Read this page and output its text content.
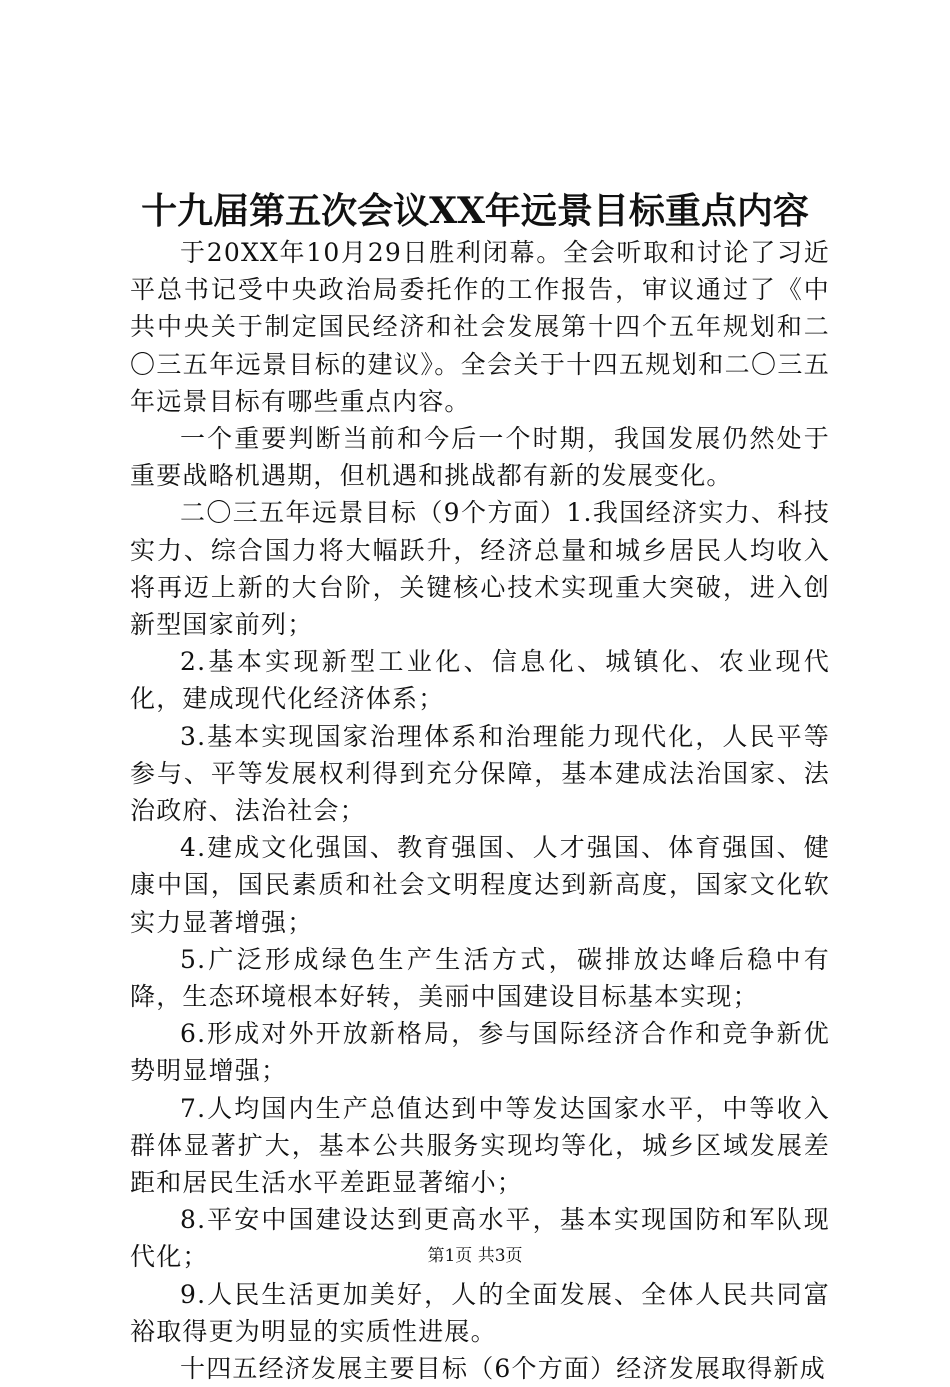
十九届第五次会议XX年远景目标重点内容

于20XX年10月29日胜利闭幕。全会听取和讨论了习近平总书记受中央政治局委托作的工作报告，审议通过了《中共中央关于制定国民经济和社会发展第十四个五年规划和二〇三五年远景目标的建议》。全会关于十四五规划和二〇三五年远景目标有哪些重点内容。

一个重要判断当前和今后一个时期，我国发展仍然处于重要战略机遇期，但机遇和挑战都有新的发展变化。

二〇三五年远景目标（9个方面）1.我国经济实力、科技实力、综合国力将大幅跃升，经济总量和城乡居民人均收入将再迈上新的大台阶，关键核心技术实现重大突破，进入创新型国家前列；

2.基本实现新型工业化、信息化、城镇化、农业现代化，建成现代化经济体系；

3.基本实现国家治理体系和治理能力现代化，人民平等参与、平等发展权利得到充分保障，基本建成法治国家、法治政府、法治社会；

4.建成文化强国、教育强国、人才强国、体育强国、健康中国，国民素质和社会文明程度达到新高度，国家文化软实力显著增强；

5.广泛形成绿色生产生活方式，碳排放达峰后稳中有降，生态环境根本好转，美丽中国建设目标基本实现；

6.形成对外开放新格局，参与国际经济合作和竞争新优势明显增强；

7.人均国内生产总值达到中等发达国家水平，中等收入群体显著扩大，基本公共服务实现均等化，城乡区域发展差距和居民生活水平差距显著缩小；

8.平安中国建设达到更高水平，基本实现国防和军队现代化；

9.人民生活更加美好，人的全面发展、全体人民共同富裕取得更为明显的实质性进展。

十四五经济发展主要目标（6个方面）经济发展取得新成

第1页 共3页
